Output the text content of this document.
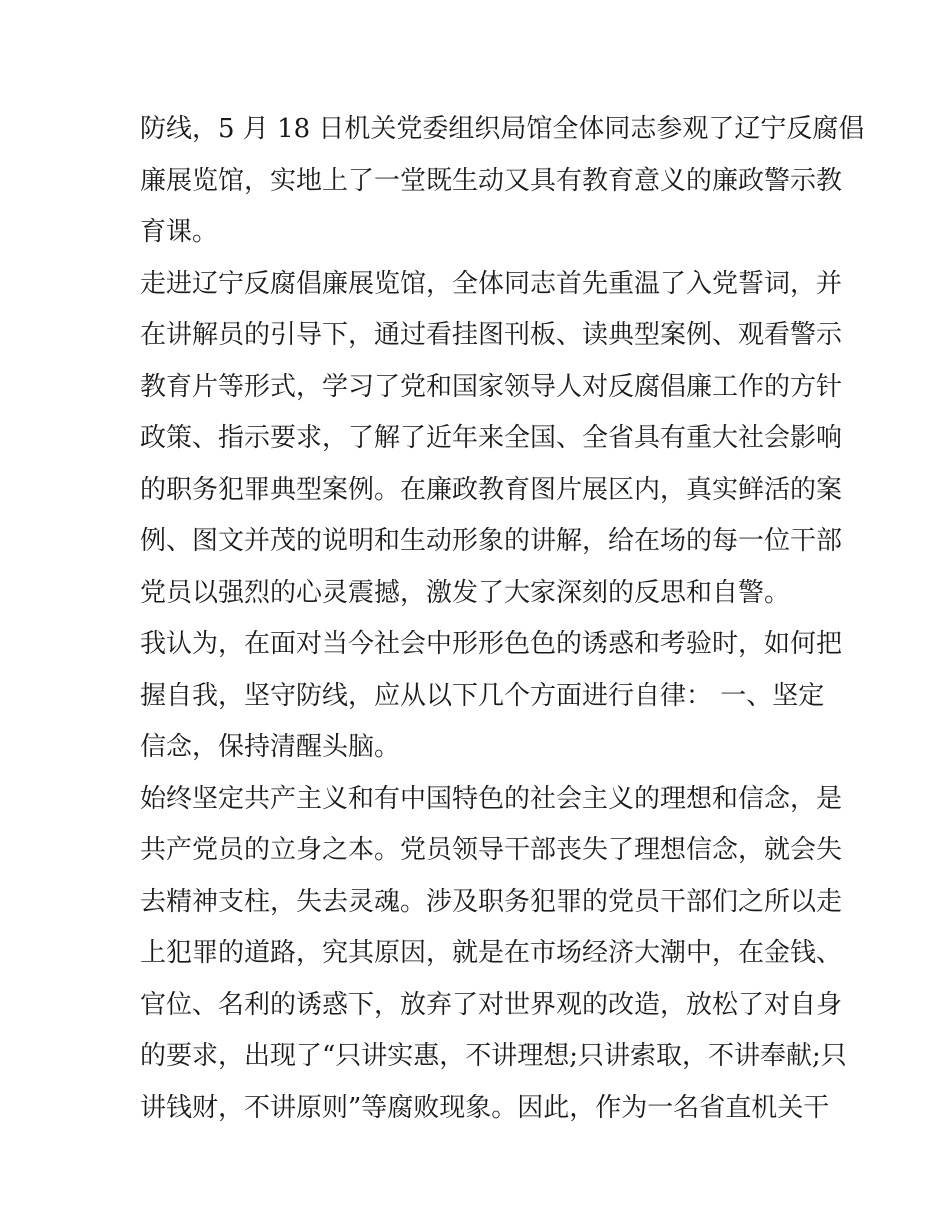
防线，5 月 18 日机关党委组织局馆全体同志参观了辽宁反腐倡
廉展览馆，实地上了一堂既生动又具有教育意义的廉政警示教
育课。
走进辽宁反腐倡廉展览馆，全体同志首先重温了入党誓词，并
在讲解员的引导下，通过看挂图刊板、读典型案例、观看警示
教育片等形式，学习了党和国家领导人对反腐倡廉工作的方针
政策、指示要求，了解了近年来全国、全省具有重大社会影响
的职务犯罪典型案例。在廉政教育图片展区内，真实鲜活的案
例、图文并茂的说明和生动形象的讲解，给在场的每一位干部
党员以强烈的心灵震撼，激发了大家深刻的反思和自警。
我认为，在面对当今社会中形形色色的诱惑和考验时，如何把
握自我，坚守防线，应从以下几个方面进行自律： 一、坚定
信念，保持清醒头脑。
始终坚定共产主义和有中国特色的社会主义的理想和信念，是
共产党员的立身之本。党员领导干部丧失了理想信念，就会失
去精神支柱，失去灵魂。涉及职务犯罪的党员干部们之所以走
上犯罪的道路，究其原因，就是在市场经济大潮中，在金钱、
官位、名利的诱惑下，放弃了对世界观的改造，放松了对自身
的要求，出现了“只讲实惠，不讲理想;只讲索取，不讲奉献;只
讲钱财，不讲原则”等腐败现象。因此，作为一名省直机关干
